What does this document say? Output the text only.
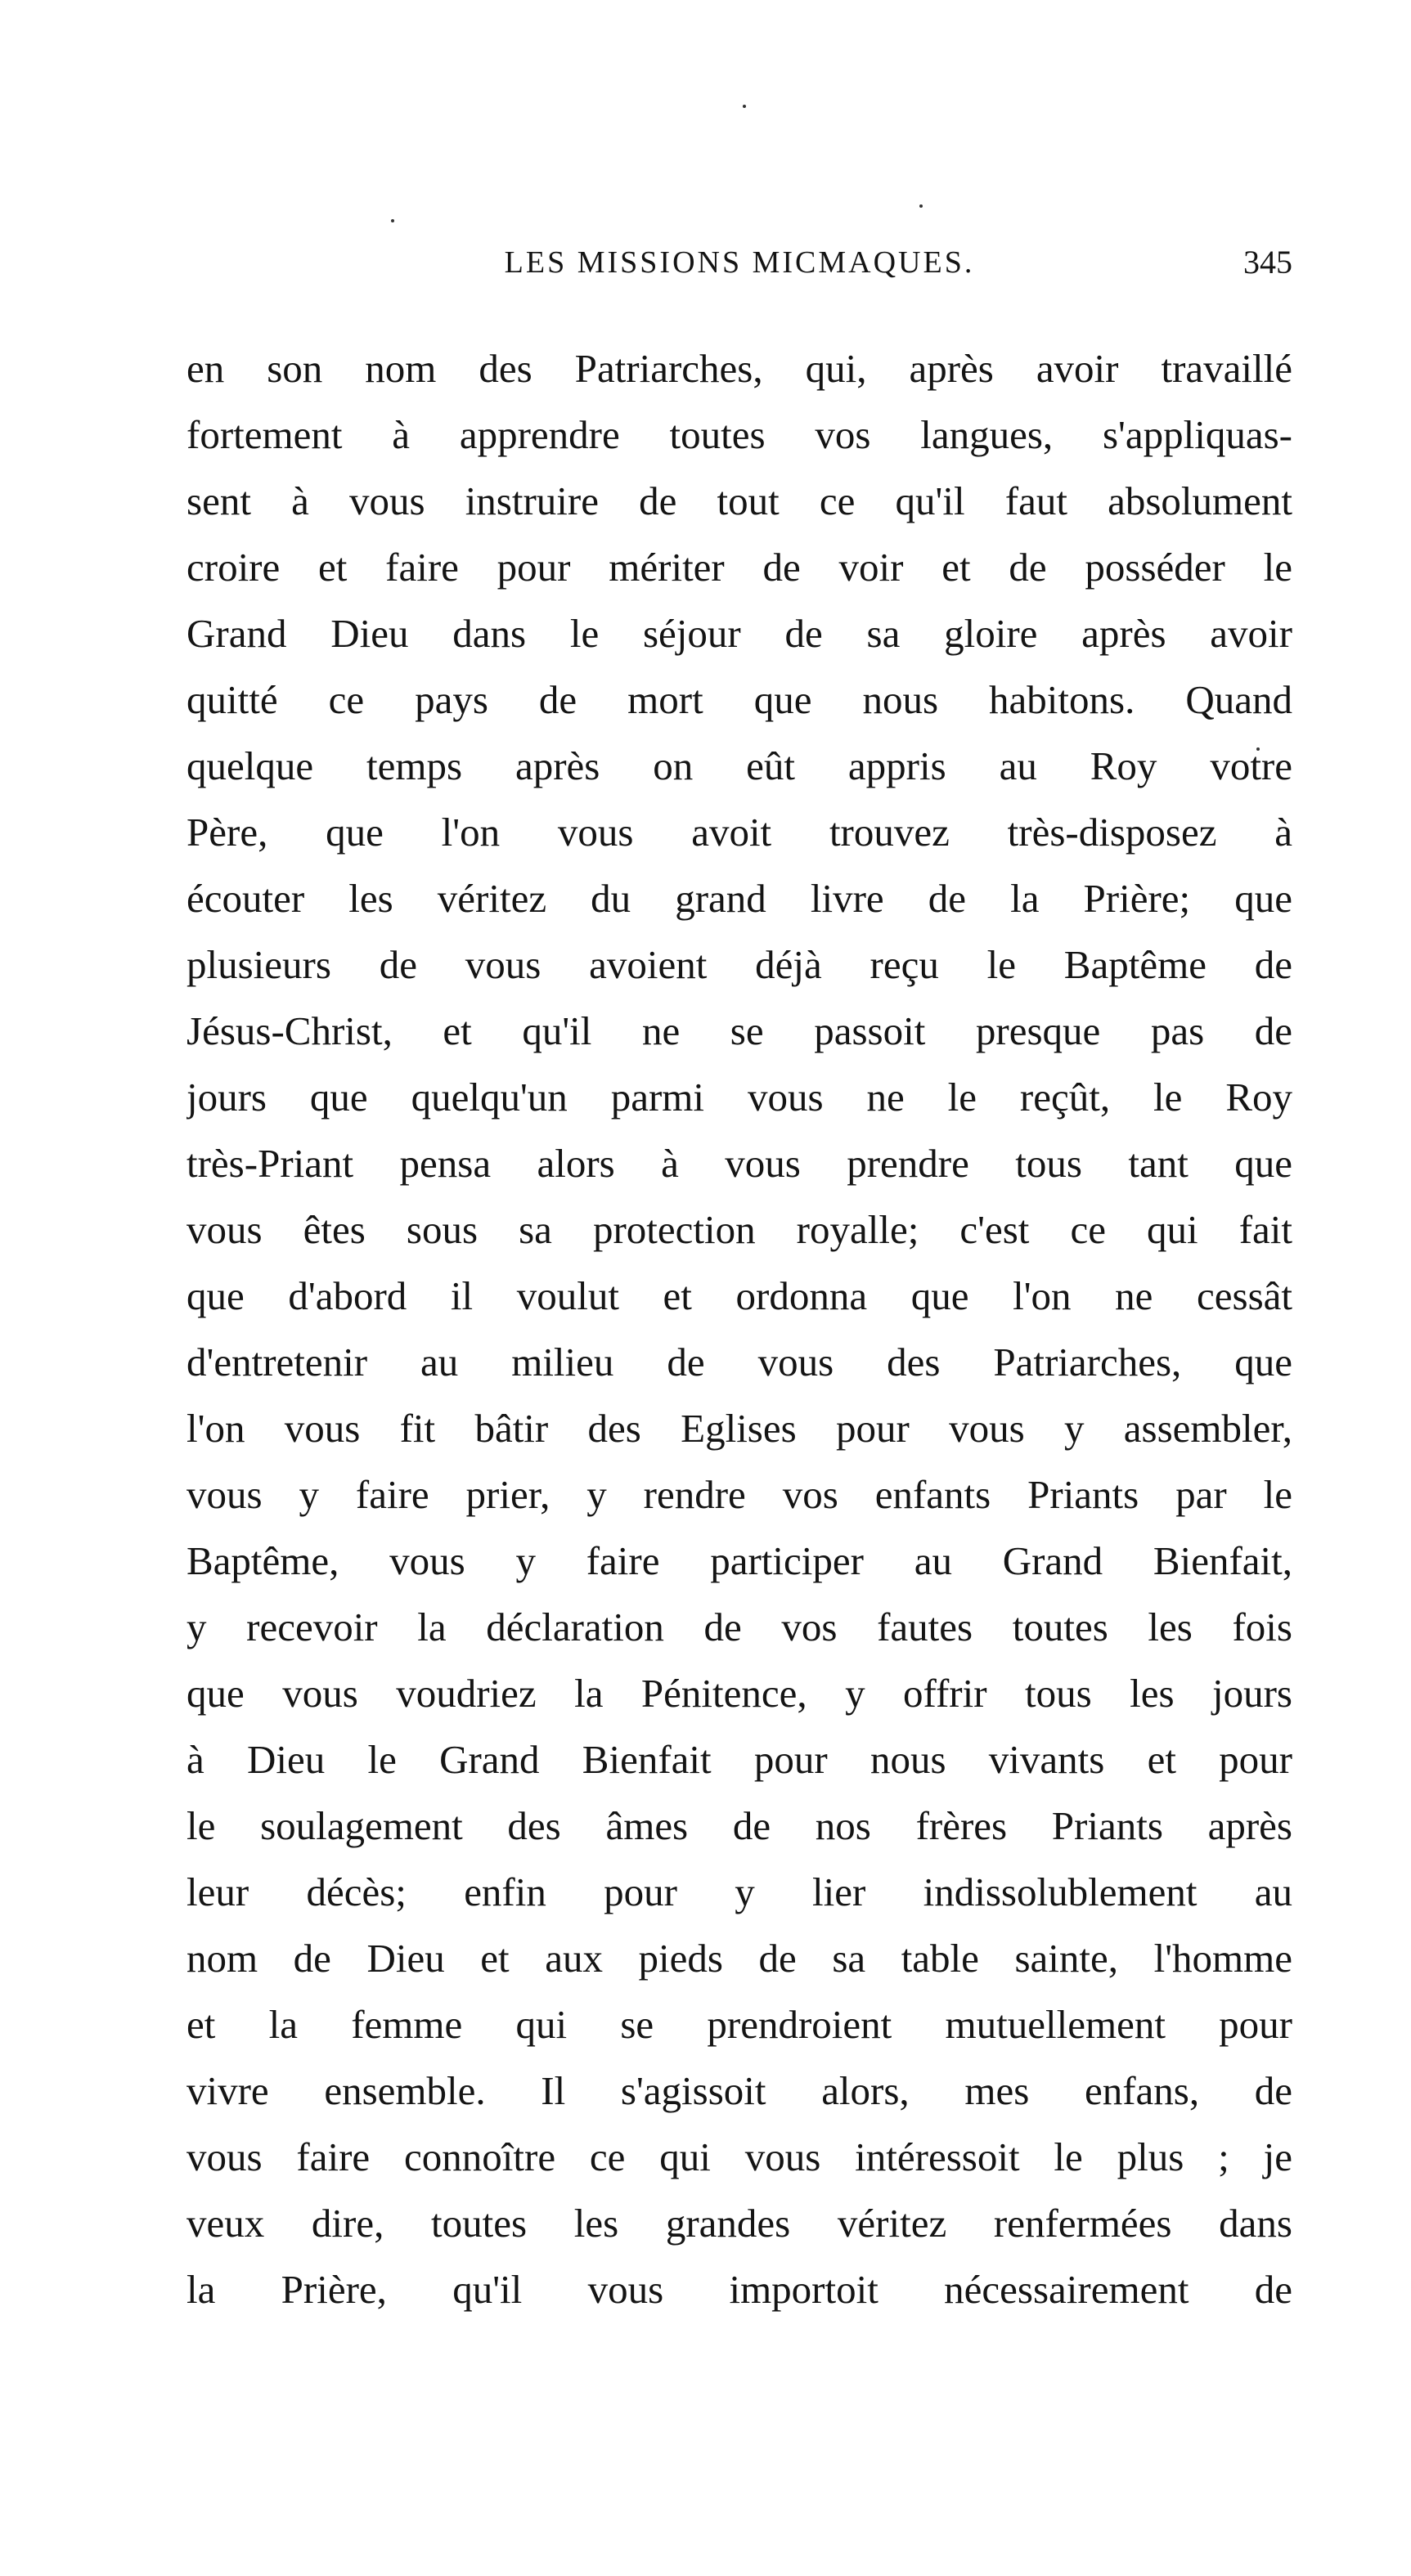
LES MISSIONS MICMAQUES.	345
en son nom des Patriarches, qui, après avoir travaillé
fortement à apprendre toutes vos langues, s'appliquas-
sent à vous instruire de tout ce qu'il faut absolument
croire et faire pour mériter de voir et de posséder le
Grand Dieu dans le séjour de sa gloire après avoir
quitté ce pays de mort que nous habitons. Quand
quelque temps après on eût appris au Roy votre
Père, que l'on vous avoit trouvez très-disposez à
écouter les véritez du grand livre de la Prière; que
plusieurs de vous avoient déjà reçu le Baptême de
Jésus-Christ, et qu'il ne se passoit presque pas de
jours que quelqu'un parmi vous ne le reçût, le Roy
très-Priant pensa alors à vous prendre tous tant que
vous êtes sous sa protection royalle; c'est ce qui fait
que d'abord il voulut et ordonna que l'on ne cessât
d'entretenir au milieu de vous des Patriarches, que
l'on vous fit bâtir des Eglises pour vous y assembler,
vous y faire prier, y rendre vos enfants Priants par le
Baptême, vous y faire participer au Grand Bienfait,
y recevoir la déclaration de vos fautes toutes les fois
que vous voudriez la Pénitence, y offrir tous les jours
à Dieu le Grand Bienfait pour nous vivants et pour
le soulagement des âmes de nos frères Priants après
leur décès; enfin pour y lier indissolublement au
nom de Dieu et aux pieds de sa table sainte, l'homme
et la femme qui se prendroient mutuellement pour
vivre ensemble. Il s'agissoit alors, mes enfans, de
vous faire connoître ce qui vous intéressoit le plus ; je
veux dire, toutes les grandes véritez renfermées dans
la Prière, qu'il vous importoit nécessairement de
